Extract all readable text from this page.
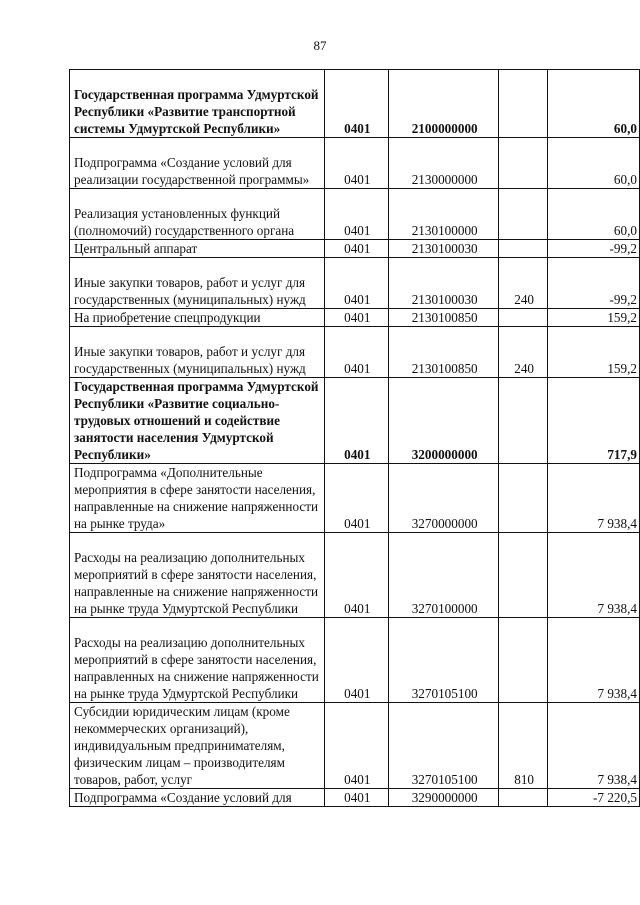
87
Государственная программа Удмуртской Республики «Развитие транспортной системы Удмуртской Республики»	0401	2100000000		60,0
Подпрограмма «Создание условий для реализации государственной программы»	0401	2130000000		60,0
Реализация установленных функций (полномочий) государственного органа	0401	2130100000		60,0
Центральный аппарат	0401	2130100030		-99,2
Иные закупки товаров, работ и услуг для государственных (муниципальных) нужд	0401	2130100030	240	-99,2
На приобретение спецпродукции	0401	2130100850		159,2
Иные закупки товаров, работ и услуг для государственных (муниципальных) нужд	0401	2130100850	240	159,2
Государственная программа Удмуртской Республики «Развитие социально-трудовых отношений и содействие занятости населения Удмуртской Республики»	0401	3200000000		717,9
Подпрограмма «Дополнительные мероприятия в сфере занятости населения, направленные на снижение напряженности на рынке труда»	0401	3270000000		7 938,4
Расходы на реализацию дополнительных мероприятий в сфере занятости населения, направленные на снижение напряженности на рынке труда Удмуртской Республики	0401	3270100000		7 938,4
Расходы на реализацию дополнительных мероприятий в сфере занятости населения, направленных на снижение напряженности на рынке труда Удмуртской Республики	0401	3270105100		7 938,4
Субсидии юридическим лицам (кроме некоммерческих организаций), индивидуальным предпринимателям, физическим лицам – производителям товаров, работ, услуг	0401	3270105100	810	7 938,4
Подпрограмма «Создание условий для	0401	3290000000		-7 220,5
